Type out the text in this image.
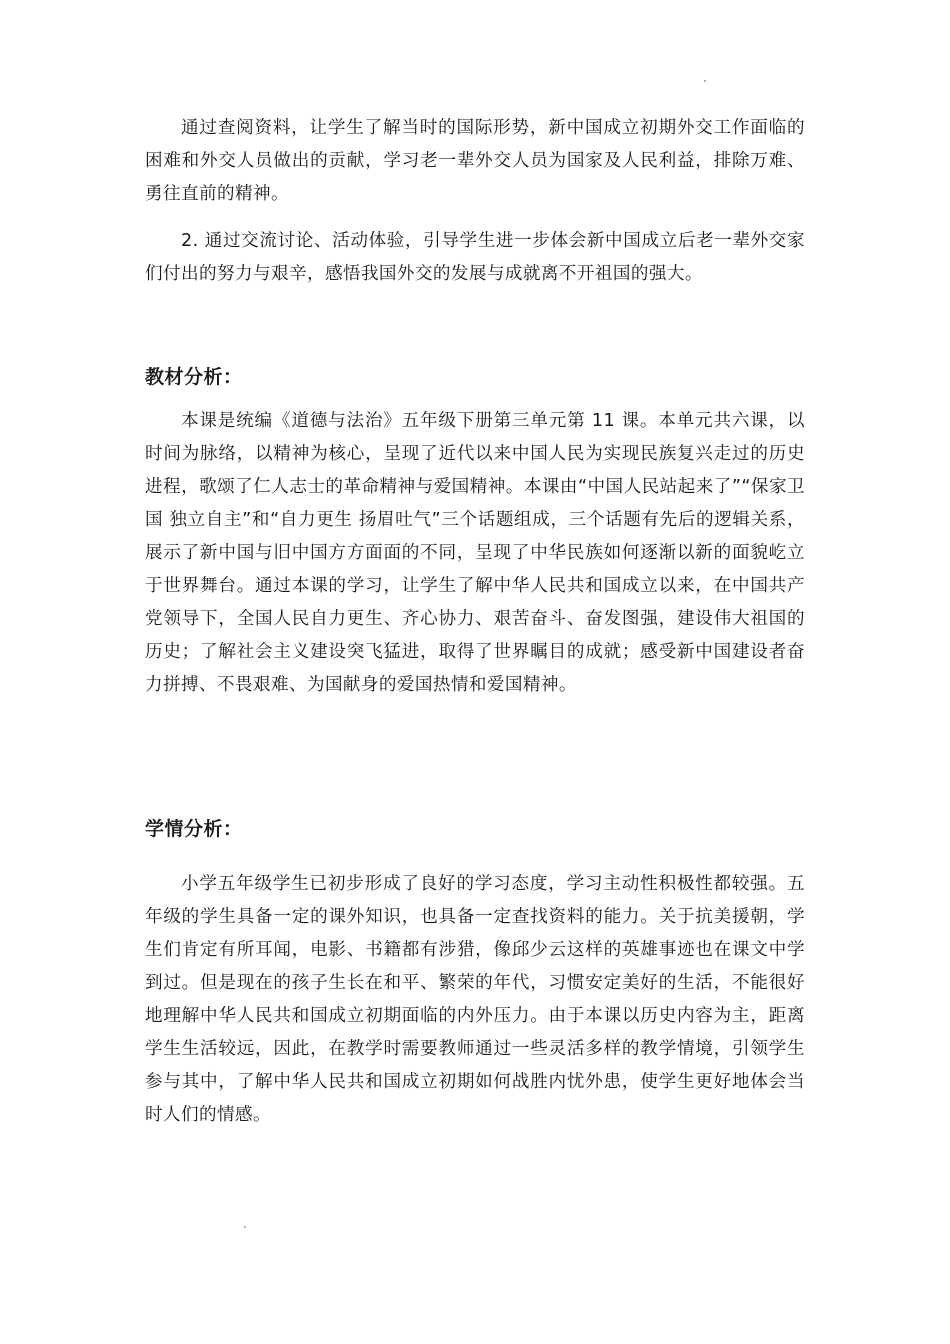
通过查阅资料，让学生了解当时的国际形势，新中国成立初期外交工作面临的困难和外交人员做出的贡献，学习老一辈外交人员为国家及人民利益，排除万难、勇往直前的精神。

2. 通过交流讨论、活动体验，引导学生进一步体会新中国成立后老一辈外交家们付出的努力与艰辛，感悟我国外交的发展与成就离不开祖国的强大。

教材分析：

本课是统编《道德与法治》五年级下册第三单元第 11 课。本单元共六课，以时间为脉络，以精神为核心，呈现了近代以来中国人民为实现民族复兴走过的历史进程，歌颂了仁人志士的革命精神与爱国精神。本课由“中国人民站起来了”“保家卫国 独立自主”和“自力更生 扬眉吐气”三个话题组成，三个话题有先后的逻辑关系，展示了新中国与旧中国方方面面的不同，呈现了中华民族如何逐渐以新的面貌屹立于世界舞台。通过本课的学习，让学生了解中华人民共和国成立以来，在中国共产党领导下，全国人民自力更生、齐心协力、艰苦奋斗、奋发图强，建设伟大祖国的历史；了解社会主义建设突飞猛进，取得了世界瞩目的成就；感受新中国建设者奋力拼搏、不畏艰难、为国献身的爱国热情和爱国精神。

学情分析：

小学五年级学生已初步形成了良好的学习态度，学习主动性积极性都较强。五年级的学生具备一定的课外知识，也具备一定查找资料的能力。关于抗美援朝，学生们肯定有所耳闻，电影、书籍都有涉猎，像邱少云这样的英雄事迹也在课文中学到过。但是现在的孩子生长在和平、繁荣的年代，习惯安定美好的生活，不能很好地理解中华人民共和国成立初期面临的内外压力。由于本课以历史内容为主，距离学生生活较远，因此，在教学时需要教师通过一些灵活多样的教学情境，引领学生参与其中，了解中华人民共和国成立初期如何战胜内忧外患，使学生更好地体会当时人们的情感。
